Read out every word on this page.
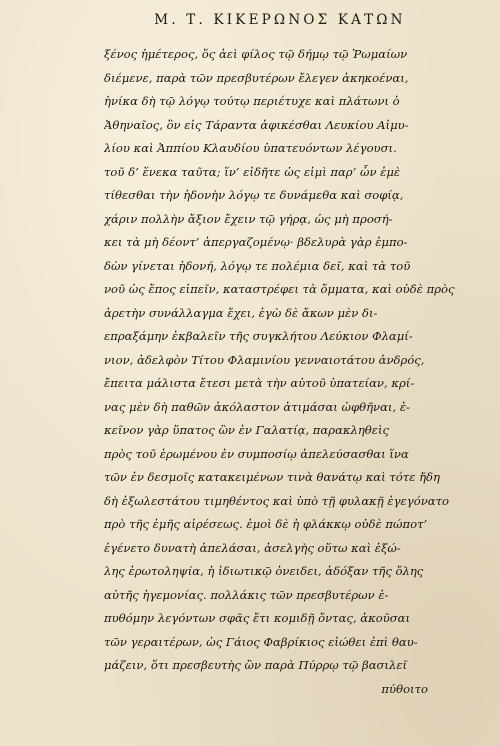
Μ. Τ. ΚΙΚΕΡΩΝΟΣ ΚΑΤΩΝ
ξένος ἡμέτερος, ὅς ἀεὶ φίλος τῷ δήμῳ τῷ Ῥωμαίων
διέμενε, παρὰ τῶν πρεσβυτέρων ἔλεγεν ἀκηκοέναι,
ἡνίκα δὴ τῷ λόγῳ τούτῳ περιέτυχε καὶ πλάτωνι ὁ
Ἀθηναῖος, ὃν εἰς Τάραντα ἀφικέσθαι Λευκίου Αἰμυ-
λίου καὶ Ἀππίου Κλαυδίου ὑπατευόντων λέγουσι.
τοῦ δ’ ἕνεκα ταῦτα; ἵν’ εἰδῆτε ὡς εἰμὶ παρ’ ὧν ἐμὲ
τίθεσθαι τὴν ἡδονὴν λόγῳ τε δυνάμεθα καὶ σοφίᾳ,
χάριν πολλὴν ἄξιον ἔχειν τῷ γήρᾳ, ὡς μὴ προσή-
κει τὰ μὴ δέοντ’ ἀπεργαζομένῳ· βδελυρὰ γὰρ ἐμπο-
δὼν γίνεται ἡδονή, λόγῳ τε πολέμια δεῖ, καὶ τὰ τοῦ
νοῦ ὡς ἔπος εἰπεῖν, καταστρέφει τὰ ὄμματα, καὶ οὐδὲ πρὸς
ἀρετὴν συνάλλαγμα ἔχει, ἐγὼ δὲ ἄκων μὲν δι-
επραξάμην ἐκβαλεῖν τῆς συγκλήτου Λεύκιον Φλαμί-
νιον, ἀδελφὸν Τίτου Φλαμινίου γενναιοτάτου ἀνδρός,
ἔπειτα μάλιστα ἔτεσι μετὰ τὴν αὐτοῦ ὑπατείαν, κρί-
νας μὲν δὴ παθῶν ἀκόλαστον ἀτιμάσαι ὠφθῆναι, ἐ-
κεῖνον γὰρ ὕπατος ὢν ἐν Γαλατίᾳ, παρακληθεὶς
πρὸς τοῦ ἐρωμένου ἐν συμποσίῳ ἀπελεύσασθαι ἵνα
τῶν ἐν δεσμοῖς κατακειμένων τινὰ θανάτῳ καὶ τότε ἤδη
δὴ ἐξωλεστάτου τιμηθέντος καὶ ὑπὸ τῇ φυλακῇ ἐγεγόνατο
πρὸ τῆς ἐμῆς αἱρέσεως. ἐμοὶ δὲ ἡ φλάκκῳ οὐδὲ πώποτ’
ἐγένετο δυνατὴ ἀπελάσαι, ἀσελγὴς οὕτω καὶ ἐξώ-
λης ἐρωτοληψία, ἡ ἰδιωτικῷ ὀνειδει, ἀδόξαν τῆς ὅλης
αὐτῆς ἡγεμονίας. πολλάκις τῶν πρεσβυτέρων ἐ-
πυθόμην λεγόντων σφᾶς ἔτι κομιδῇ ὄντας, ἀκοῦσαι
τῶν γεραιτέρων, ὡς Γάιος Φαβρίκιος εἰώθει ἐπὶ θαυ-
μάζειν, ὅτι πρεσβευτὴς ὢν παρὰ Πύρρῳ τῷ βασιλεῖ
πύθοιτο
